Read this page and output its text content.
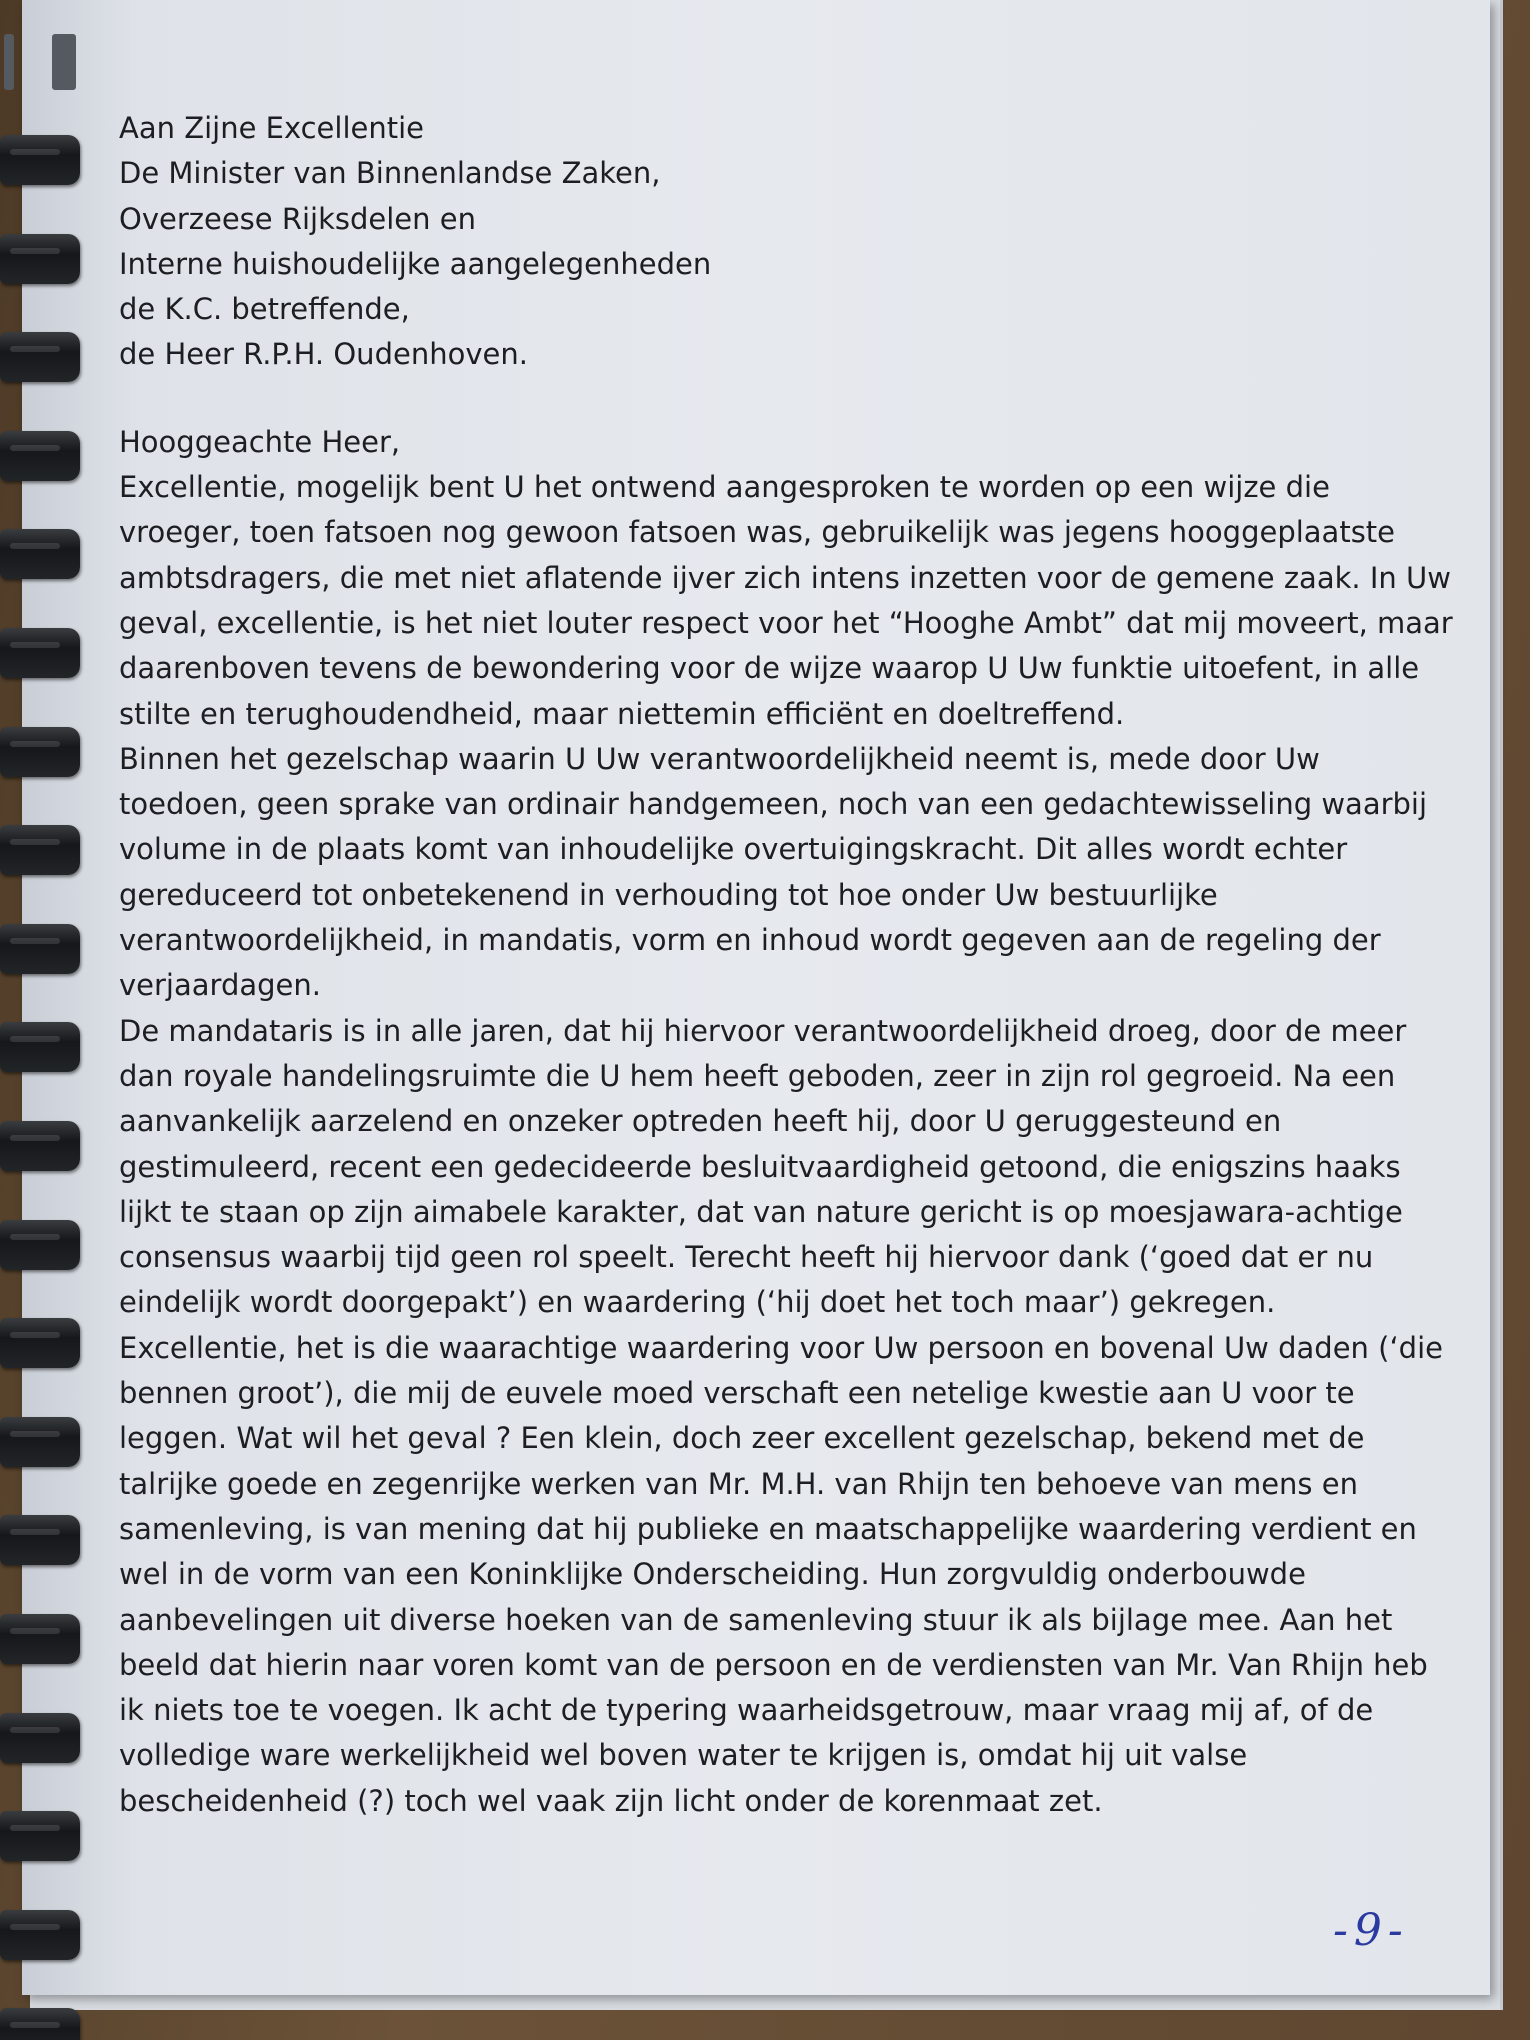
Aan Zijne Excellentie
De Minister van Binnenlandse Zaken,
Overzeese Rijksdelen en
Interne huishoudelijke aangelegenheden
de K.C. betreffende,
de Heer R.P.H. Oudenhoven.
Hooggeachte Heer,
Excellentie, mogelijk bent U het ontwend aangesproken te worden op een wijze die
vroeger, toen fatsoen nog gewoon fatsoen was, gebruikelijk was jegens hooggeplaatste
ambtsdragers, die met niet aflatende ijver zich intens inzetten voor de gemene zaak. In Uw
geval, excellentie, is het niet louter respect voor het “Hooghe Ambt” dat mij moveert, maar
daarenboven tevens de bewondering voor de wijze waarop U Uw funktie uitoefent, in alle
stilte en terughoudendheid, maar niettemin efficiënt en doeltreffend.
Binnen het gezelschap waarin U Uw verantwoordelijkheid neemt is, mede door Uw
toedoen, geen sprake van ordinair handgemeen, noch van een gedachtewisseling waarbij
volume in de plaats komt van inhoudelijke overtuigingskracht. Dit alles wordt echter
gereduceerd tot onbetekenend in verhouding tot hoe onder Uw bestuurlijke
verantwoordelijkheid, in mandatis, vorm en inhoud wordt gegeven aan de regeling der
verjaardagen.
De mandataris is in alle jaren, dat hij hiervoor verantwoordelijkheid droeg, door de meer
dan royale handelingsruimte die U hem heeft geboden, zeer in zijn rol gegroeid. Na een
aanvankelijk aarzelend en onzeker optreden heeft hij, door U geruggesteund en
gestimuleerd, recent een gedecideerde besluitvaardigheid getoond, die enigszins haaks
lijkt te staan op zijn aimabele karakter, dat van nature gericht is op moesjawara-achtige
consensus waarbij tijd geen rol speelt. Terecht heeft hij hiervoor dank (‘goed dat er nu
eindelijk wordt doorgepakt’) en waardering (‘hij doet het toch maar’) gekregen.
Excellentie, het is die waarachtige waardering voor Uw persoon en bovenal Uw daden (‘die
bennen groot’), die mij de euvele moed verschaft een netelige kwestie aan U voor te
leggen. Wat wil het geval ? Een klein, doch zeer excellent gezelschap, bekend met de
talrijke goede en zegenrijke werken van Mr. M.H. van Rhijn ten behoeve van mens en
samenleving, is van mening dat hij publieke en maatschappelijke waardering verdient en
wel in de vorm van een Koninklijke Onderscheiding. Hun zorgvuldig onderbouwde
aanbevelingen uit diverse hoeken van de samenleving stuur ik als bijlage mee. Aan het
beeld dat hierin naar voren komt van de persoon en de verdiensten van Mr. Van Rhijn heb
ik niets toe te voegen. Ik acht de typering waarheidsgetrouw, maar vraag mij af, of de
volledige ware werkelijkheid wel boven water te krijgen is, omdat hij uit valse
bescheidenheid (?) toch wel vaak zijn licht onder de korenmaat zet.
-9-
